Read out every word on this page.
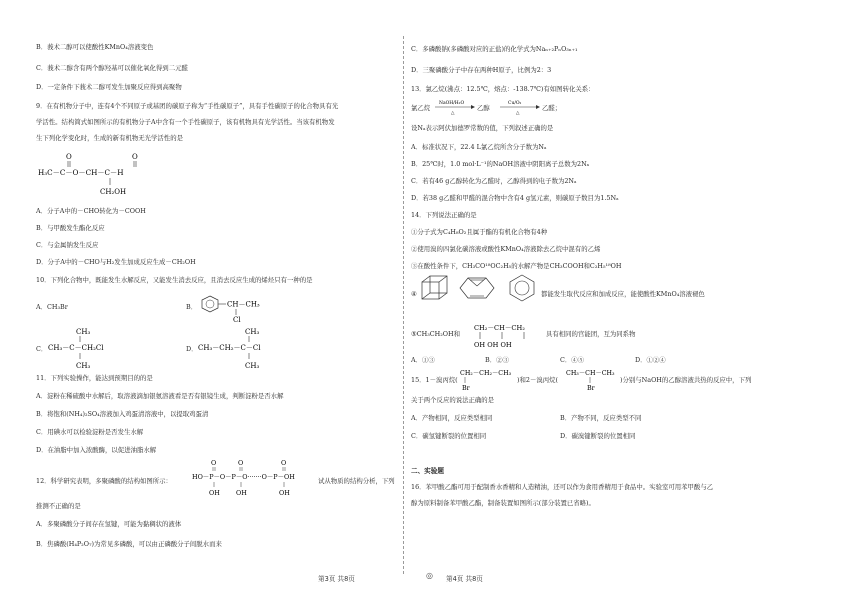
B．莪术二醇可以使酸性KMnO₄溶液变色
C．莪术二醇含有两个醇羟基可以催化氧化得到二元醛
D．一定条件下莪术二醇可发生加聚反应得到高聚物
9．在有机物分子中，连有4个不同原子或基团的碳原子称为“手性碳原子”，具有手性碳原子的化合物具有光
学活性。结构简式如图所示的有机物分子A中含有一个手性碳原子，该有机物具有光学活性。当该有机物发
生下列化学变化时，生成的新有机物无光学活性的是
O	O
H₃C－C－O－CH－C－H
CH₂OH
A．分子A中的－CHO转化为－COOH
B．与甲酸发生酯化反应
C．与金属钠发生反应
D．分子A中的－CHO与H₂发生加成反应生成－CH₂OH
10．下列化合物中，既能发生水解反应，又能发生消去反应，且消去反应生成的烯烃只有一种的是
A．CH₃Br	B．	CH－CH₃
Cl
C．
CH₃
CH₃－C－CH₂Cl
CH₃
D．
CH₃
CH₃－CH₂－C－Cl
CH₃
11．下列实验操作，能达到预期目的的是
A．淀粉在稀硫酸中水解后，取溶液滴加银氨溶液看是否有银镜生成，判断淀粉是否水解
B．将饱和(NH₄)₂SO₄溶液加入鸡蛋清溶液中，以提取鸡蛋清
C．用碘水可以检验淀粉是否发生水解
D．在油脂中加入浓酸酶，以促进油脂水解
12．科学研究表明，多聚磷酸的结构如图所示：
O	O	O
HO－P－O－P－O·······O－P－OH
OH	OH	OH
试从物质的结构分析，下列
推测不正确的是
A．多聚磷酸分子间存在氢键，可能为黏稠状的液体
B．焦磷酸(H₄P₂O₇)为常见多磷酸，可以由正磷酸分子间脱水而来
第3页 共8页	◎
C．多磷酸钠(多磷酸对应的正盐)的化学式为Naₙ₊₂PₙO₃ₙ₊₁
D．三聚磷酸分子中存在两种H原子，比例为2：3
13．氯乙烷(沸点：12.5℃，熔点：-138.7℃)有如图转化关系：
氯乙烷
NaOH/H₂O
△
乙醇
Cu/O₂
△
乙醛；
设Nₐ表示阿伏加德罗常数的值，下列叙述正确的是
A．标准状况下，22.4 L氯乙烷所含分子数为Nₐ
B．25℃时，1.0 mol·L⁻¹的NaOH溶液中阴阳离子总数为2Nₐ
C．若有46 g乙醇转化为乙醛时，乙醇得到的电子数为2Nₐ
D．若38 g乙醛和甲醛的混合物中含有4 g氢元素，则碳原子数目为1.5Nₐ
14．下列说法正确的是
①分子式为C₄H₈O₂且属于酯的有机化合物有4种
②使用溴的四氯化碳溶液或酸性KMnO₄溶液除去乙烷中混有的乙烯
③在酸性条件下，CH₃CO¹⁸OC₂H₅的水解产物是CH₃COOH和C₂H₅¹⁸OH
④	都能发生取代反应和加成反应，能使酸性KMnO₄溶液褪色
⑤CH₃CH₂OH和
CH₂－CH－CH₂
OH OH OH
具有相同的官能团，互为同系物
A．①③	B．②③	C．④⑤	D．①②④
15．1－溴丙烷(
CH₂－CH₂－CH₃
Br
)和2－溴丙烷(
CH₃－CH－CH₃
Br
)分别与NaOH的乙醇溶液共热的反应中，下列
关于两个反应的说法正确的是
A．产物相同，反应类型相同	B．产物不同，反应类型不同
C．碳氢键断裂的位置相同	D．碳溴键断裂的位置相同
二、实验题
16．苯甲酸乙酯可用于配制香水香精和人造精油，还可以作为食用香精用于食品中。实验室可用苯甲酸与乙
醇为原料制备苯甲酸乙酯，制备装置如图所示(部分装置已省略)。
第4页 共8页
